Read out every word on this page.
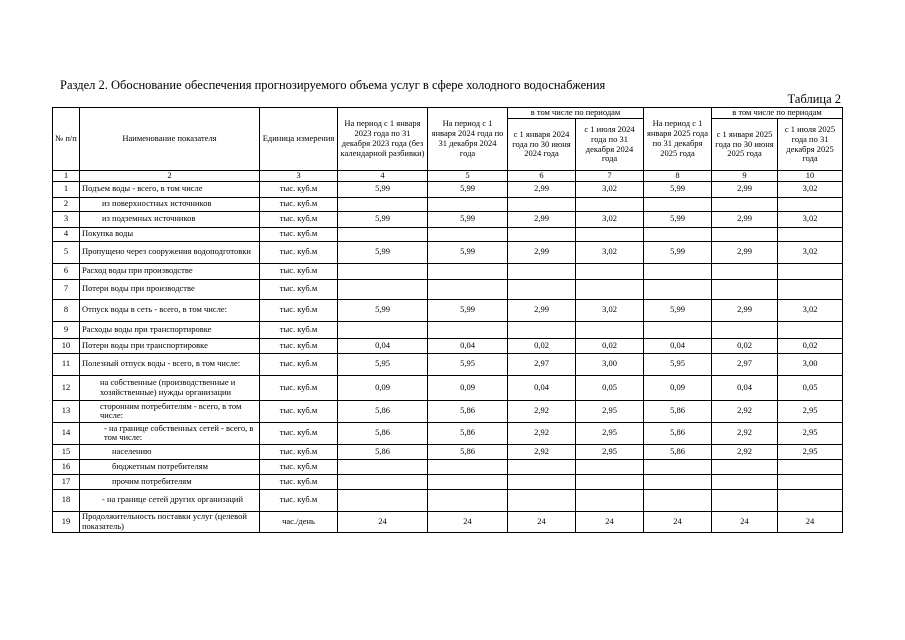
Раздел 2. Обоснование обеспечения прогнозируемого объема услуг в сфере холодного водоснабжения
Таблица 2
№ п/п	Наименование показателя	Единица измерения	На период с 1 января 2023 года по 31 декабря 2023 года (без календарной разбивки)	На период с 1 января 2024 года по 31 декабря 2024 года	в том числе по периодам		На период с 1 января 2025 года по 31 декабря 2025 года	в том числе по периодам	
					с 1 января 2024 года по 30 июня 2024 года	с 1 июля 2024 года по 31 декабря 2024 года		с 1 января 2025 года по 30 июня 2025 года	с 1 июля 2025 года по 31 декабря 2025 года
1	2	3	4	5	6	7	8	9	10
1	Подъем воды - всего, в том числе	тыс. куб.м	5,99	5,99	2,99	3,02	5,99	2,99	3,02
2	из поверхностных источников	тыс. куб.м							
3	из подземных источников	тыс. куб.м	5,99	5,99	2,99	3,02	5,99	2,99	3,02
4	Покупка воды	тыс. куб.м							
5	Пропущено через сооружения водоподготовки	тыс. куб.м	5,99	5,99	2,99	3,02	5,99	2,99	3,02
6	Расход воды при производстве	тыс. куб.м							
7	Потери воды при производстве	тыс. куб.м							
8	Отпуск воды в сеть - всего, в том числе:	тыс. куб.м	5,99	5,99	2,99	3,02	5,99	2,99	3,02
9	Расходы воды при транспортировке	тыс. куб.м							
10	Потери воды при транспортировке	тыс. куб.м	0,04	0,04	0,02	0,02	0,04	0,02	0,02
11	Полезный отпуск воды - всего, в том числе:	тыс. куб.м	5,95	5,95	2,97	3,00	5,95	2,97	3,00
12	на собственные (производственные и хозяйственные) нужды организации	тыс. куб.м	0,09	0,09	0,04	0,05	0,09	0,04	0,05
13	сторонним потребителям - всего, в том числе:	тыс. куб.м	5,86	5,86	2,92	2,95	5,86	2,92	2,95
14	- на границе собственных сетей - всего, в том числе:	тыс. куб.м	5,86	5,86	2,92	2,95	5,86	2,92	2,95
15	населению	тыс. куб.м	5,86	5,86	2,92	2,95	5,86	2,92	2,95
16	бюджетным потребителям	тыс. куб.м							
17	прочим потребителям	тыс. куб.м							
18	- на границе сетей других организаций	тыс. куб.м							
19	Продолжительность поставки услуг (целевой показатель)	час./день	24	24	24	24	24	24	24
